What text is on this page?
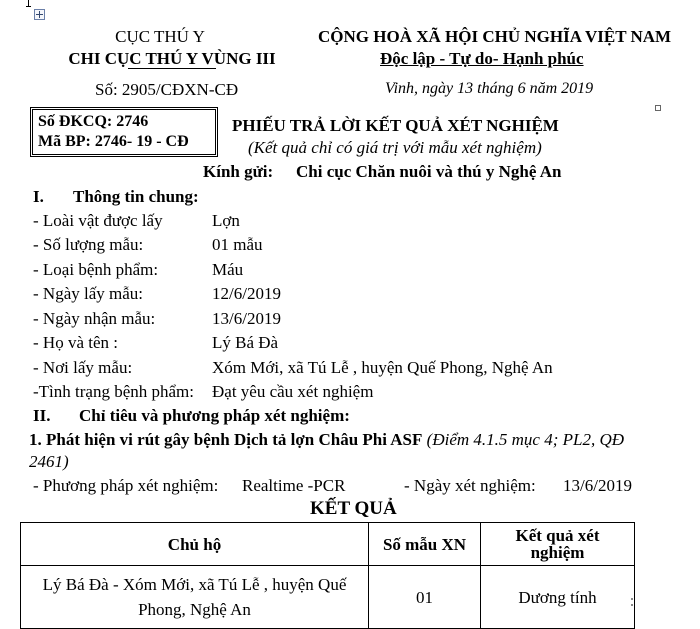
CỤC THÚ Y
CHI CỤC THÚ Y VÙNG III
Số: 2905/CĐXN-CĐ
CỘNG HOÀ XÃ HỘI CHỦ NGHĨA VIỆT NAM
Độc lập - Tự do- Hạnh phúc
Vinh, ngày 13 tháng 6 năm 2019
Số ĐKCQ: 2746
Mã BP: 2746- 19 - CĐ
PHIẾU TRẢ LỜI KẾT QUẢ XÉT NGHIỆM
(Kết quả chỉ có giá trị với mẫu xét nghiệm)
Kính gửi: Chi cục Chăn nuôi và thú y Nghệ An
I. Thông tin chung:
- Loài vật được lấy	Lợn
- Số lượng mẫu:	01 mẫu
- Loại bệnh phẩm:	Máu
- Ngày lấy mẫu:	12/6/2019
- Ngày nhận mẫu:	13/6/2019
- Họ và tên :	Lý Bá Đà
- Nơi lấy mẫu:	Xóm Mới, xã Tú Lễ , huyện Quế Phong, Nghệ An
-Tình trạng bệnh phẩm: Đạt yêu cầu xét nghiệm
II. Chỉ tiêu và phương pháp xét nghiệm:
1. Phát hiện vi rút gây bệnh Dịch tả lợn Châu Phi ASF (Điểm 4.1.5 mục 4; PL2, QĐ
2461)
- Phương pháp xét nghiệm: Realtime -PCR	- Ngày xét nghiệm: 13/6/2019
KẾT QUẢ
Chủ hộ	Số mẫu XN	Kết quả xét nghiệm

Lý Bá Đà - Xóm Mới, xã Tú Lễ , huyện Quế
Phong, Nghệ An	01	Dương tính
